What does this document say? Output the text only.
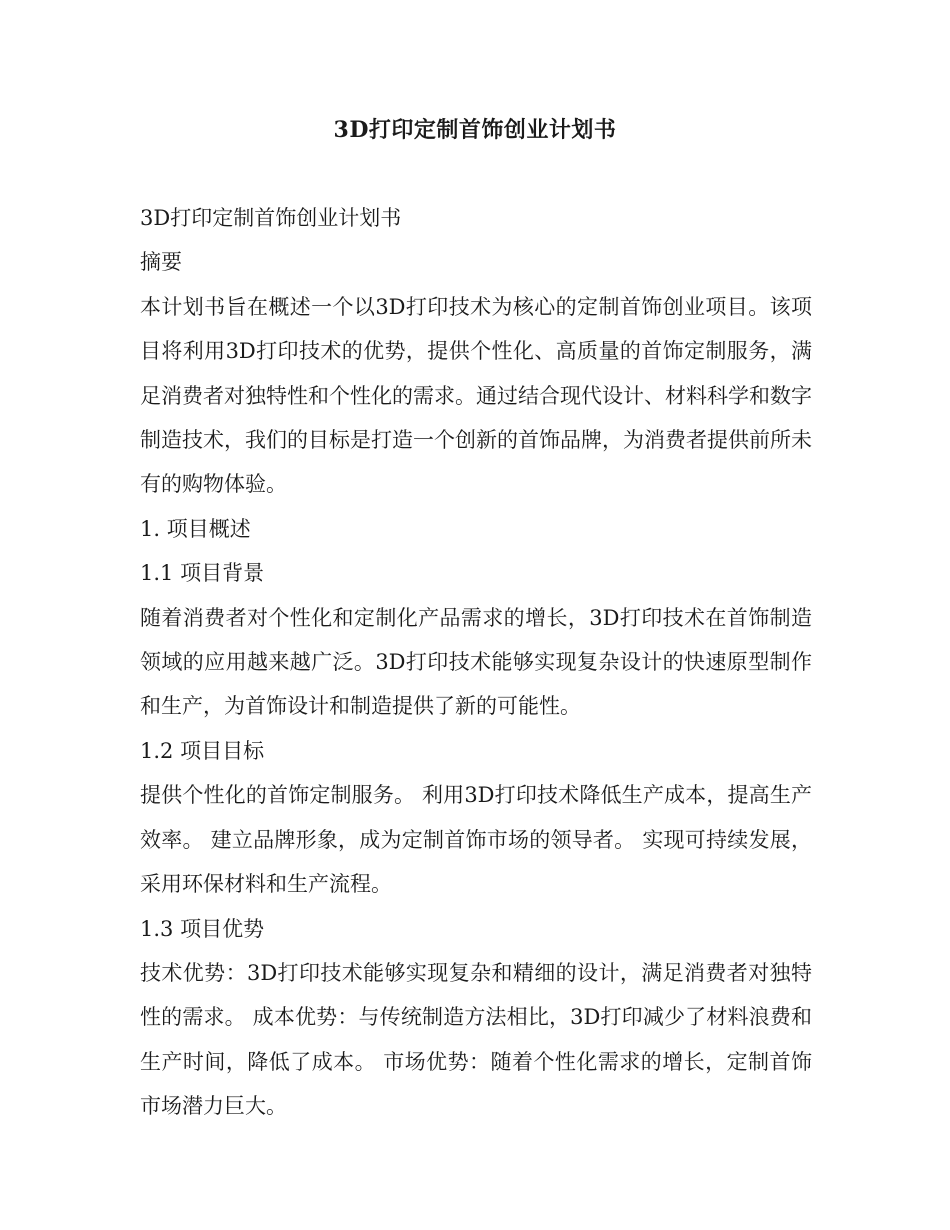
3D打印定制首饰创业计划书

3D打印定制首饰创业计划书

摘要

本计划书旨在概述一个以3D打印技术为核心的定制首饰创业项目。该项目将利用3D打印技术的优势，提供个性化、高质量的首饰定制服务，满足消费者对独特性和个性化的需求。通过结合现代设计、材料科学和数字制造技术，我们的目标是打造一个创新的首饰品牌，为消费者提供前所未有的购物体验。

1. 项目概述

1.1 项目背景

随着消费者对个性化和定制化产品需求的增长，3D打印技术在首饰制造领域的应用越来越广泛。3D打印技术能够实现复杂设计的快速原型制作和生产，为首饰设计和制造提供了新的可能性。

1.2 项目目标

提供个性化的首饰定制服务。 利用3D打印技术降低生产成本，提高生产效率。 建立品牌形象，成为定制首饰市场的领导者。 实现可持续发展，采用环保材料和生产流程。

1.3 项目优势

技术优势：3D打印技术能够实现复杂和精细的设计，满足消费者对独特性的需求。 成本优势：与传统制造方法相比，3D打印减少了材料浪费和生产时间，降低了成本。 市场优势：随着个性化需求的增长，定制首饰市场潜力巨大。
